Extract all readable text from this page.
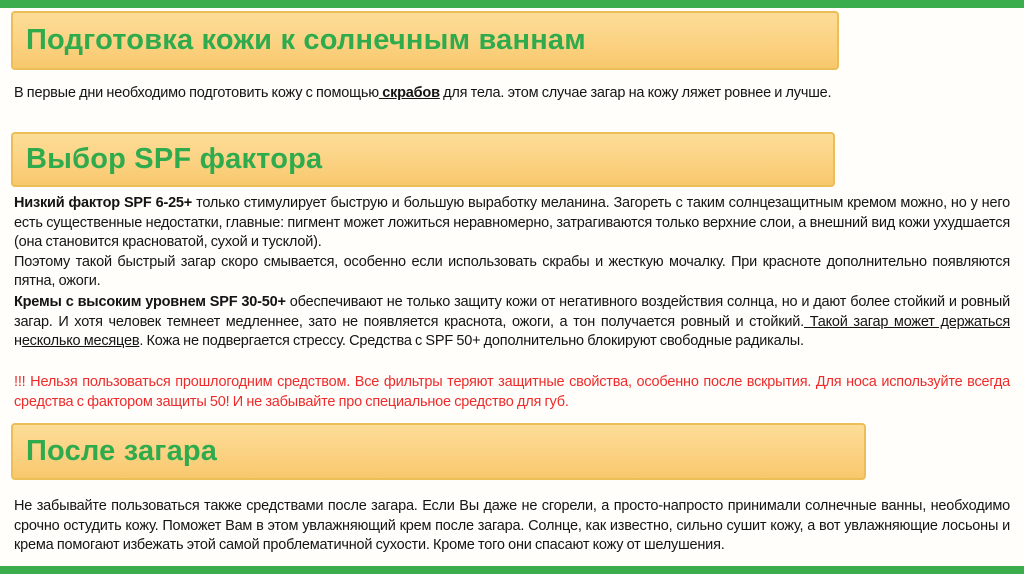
Подготовка кожи к солнечным ваннам
В первые дни необходимо подготовить кожу с помощью скрабов для тела. этом случае загар на кожу ляжет ровнее и лучше.
Выбор SPF фактора
Низкий фактор SPF 6-25+ только стимулирует быструю и большую выработку меланина. Загореть с таким солнцезащитным кремом можно, но у него есть существенные недостатки, главные: пигмент может ложиться неравномерно, затрагиваются только верхние слои, а внешний вид кожи ухудшается (она становится красноватой, сухой и тусклой).
Поэтому такой быстрый загар скоро смывается, особенно если использовать скрабы и жесткую мочалку. При красноте дополнительно появляются пятна, ожоги.
Кремы с высоким уровнем SPF 30-50+ обеспечивают не только защиту кожи от негативного воздействия солнца, но и дают более стойкий и ровный загар. И хотя человек темнеет медленнее, зато не появляется краснота, ожоги, а тон получается ровный и стойкий. Такой загар может держаться несколько месяцев. Кожа не подвергается стрессу. Средства с SPF 50+ дополнительно блокируют свободные радикалы.
!!! Нельзя пользоваться прошлогодним средством. Все фильтры теряют защитные свойства, особенно после вскрытия. Для носа используйте всегда средства с фактором защиты 50! И не забывайте про специальное средство для губ.
После загара
Не забывайте пользоваться также средствами после загара. Если Вы даже не сгорели, а просто-напросто принимали солнечные ванны, необходимо срочно остудить кожу. Поможет Вам в этом увлажняющий крем после загара. Солнце, как известно, сильно сушит кожу, а вот увлажняющие лосьоны и крема помогают избежать этой самой проблематичной сухости. Кроме того они спасают кожу от шелушения.
